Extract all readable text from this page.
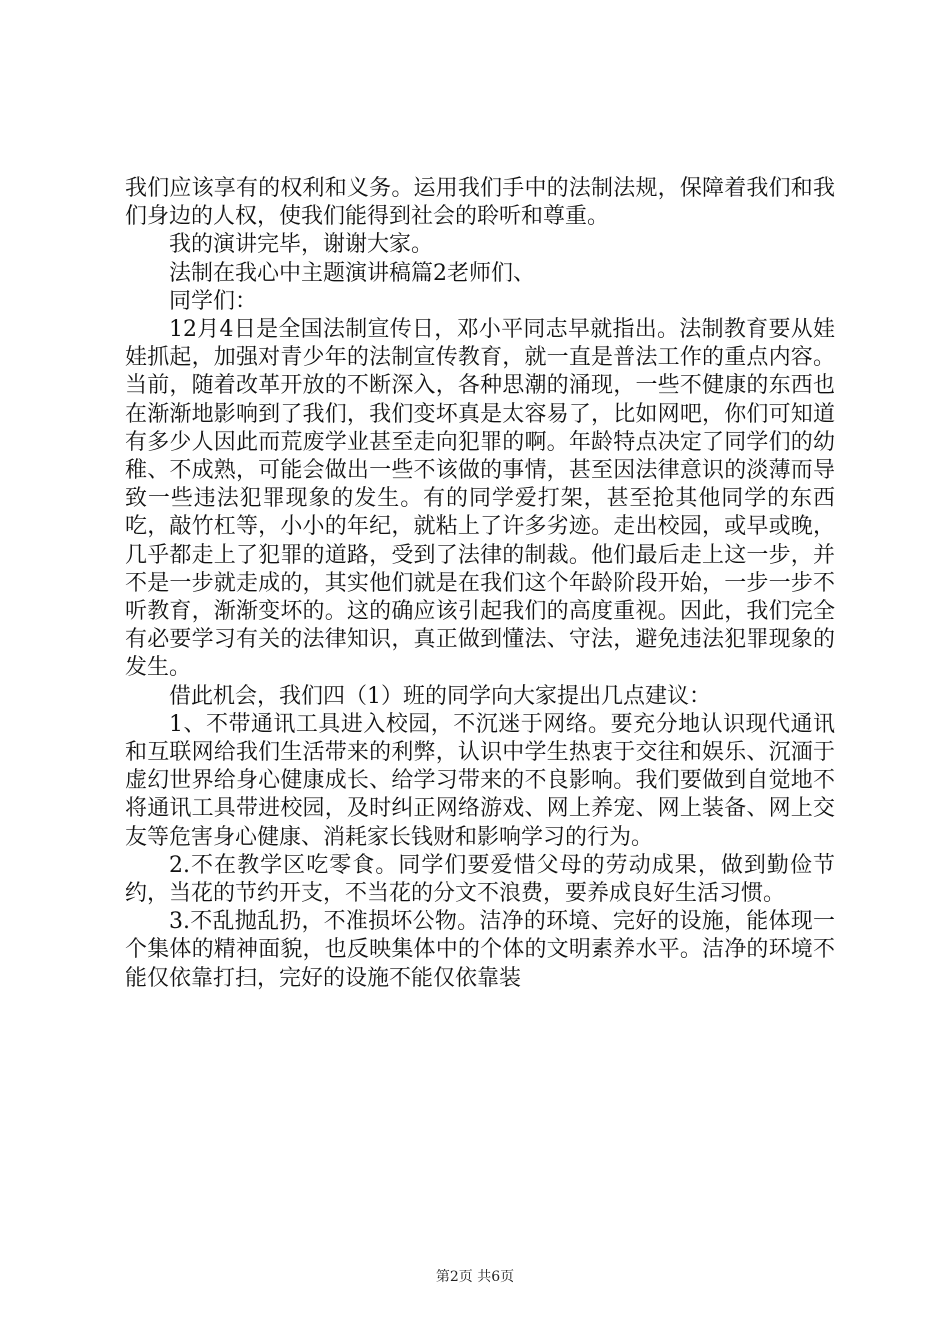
我们应该享有的权利和义务。运用我们手中的法制法规，保障着我们和我们身边的人权，使我们能得到社会的聆听和尊重。

我的演讲完毕，谢谢大家。

法制在我心中主题演讲稿篇2老师们、

同学们：

12月4日是全国法制宣传日，邓小平同志早就指出。法制教育要从娃娃抓起，加强对青少年的法制宣传教育，就一直是普法工作的重点内容。当前，随着改革开放的不断深入，各种思潮的涌现，一些不健康的东西也在渐渐地影响到了我们，我们变坏真是太容易了，比如网吧，你们可知道有多少人因此而荒废学业甚至走向犯罪的啊。年龄特点决定了同学们的幼稚、不成熟，可能会做出一些不该做的事情，甚至因法律意识的淡薄而导致一些违法犯罪现象的发生。有的同学爱打架，甚至抢其他同学的东西吃，敲竹杠等，小小的年纪，就粘上了许多劣迹。走出校园，或早或晚，几乎都走上了犯罪的道路，受到了法律的制裁。他们最后走上这一步，并不是一步就走成的，其实他们就是在我们这个年龄阶段开始，一步一步不听教育，渐渐变坏的。这的确应该引起我们的高度重视。因此，我们完全有必要学习有关的法律知识，真正做到懂法、守法，避免违法犯罪现象的发生。

借此机会，我们四（1）班的同学向大家提出几点建议：

1、不带通讯工具进入校园，不沉迷于网络。要充分地认识现代通讯和互联网给我们生活带来的利弊，认识中学生热衷于交往和娱乐、沉湎于虚幻世界给身心健康成长、给学习带来的不良影响。我们要做到自觉地不将通讯工具带进校园，及时纠正网络游戏、网上养宠、网上装备、网上交友等危害身心健康、消耗家长钱财和影响学习的行为。

2.不在教学区吃零食。同学们要爱惜父母的劳动成果，做到勤俭节约，当花的节约开支，不当花的分文不浪费，要养成良好生活习惯。

3.不乱抛乱扔，不准损坏公物。洁净的环境、完好的设施，能体现一个集体的精神面貌，也反映集体中的个体的文明素养水平。洁净的环境不能仅依靠打扫，完好的设施不能仅依靠装

第2页 共6页
